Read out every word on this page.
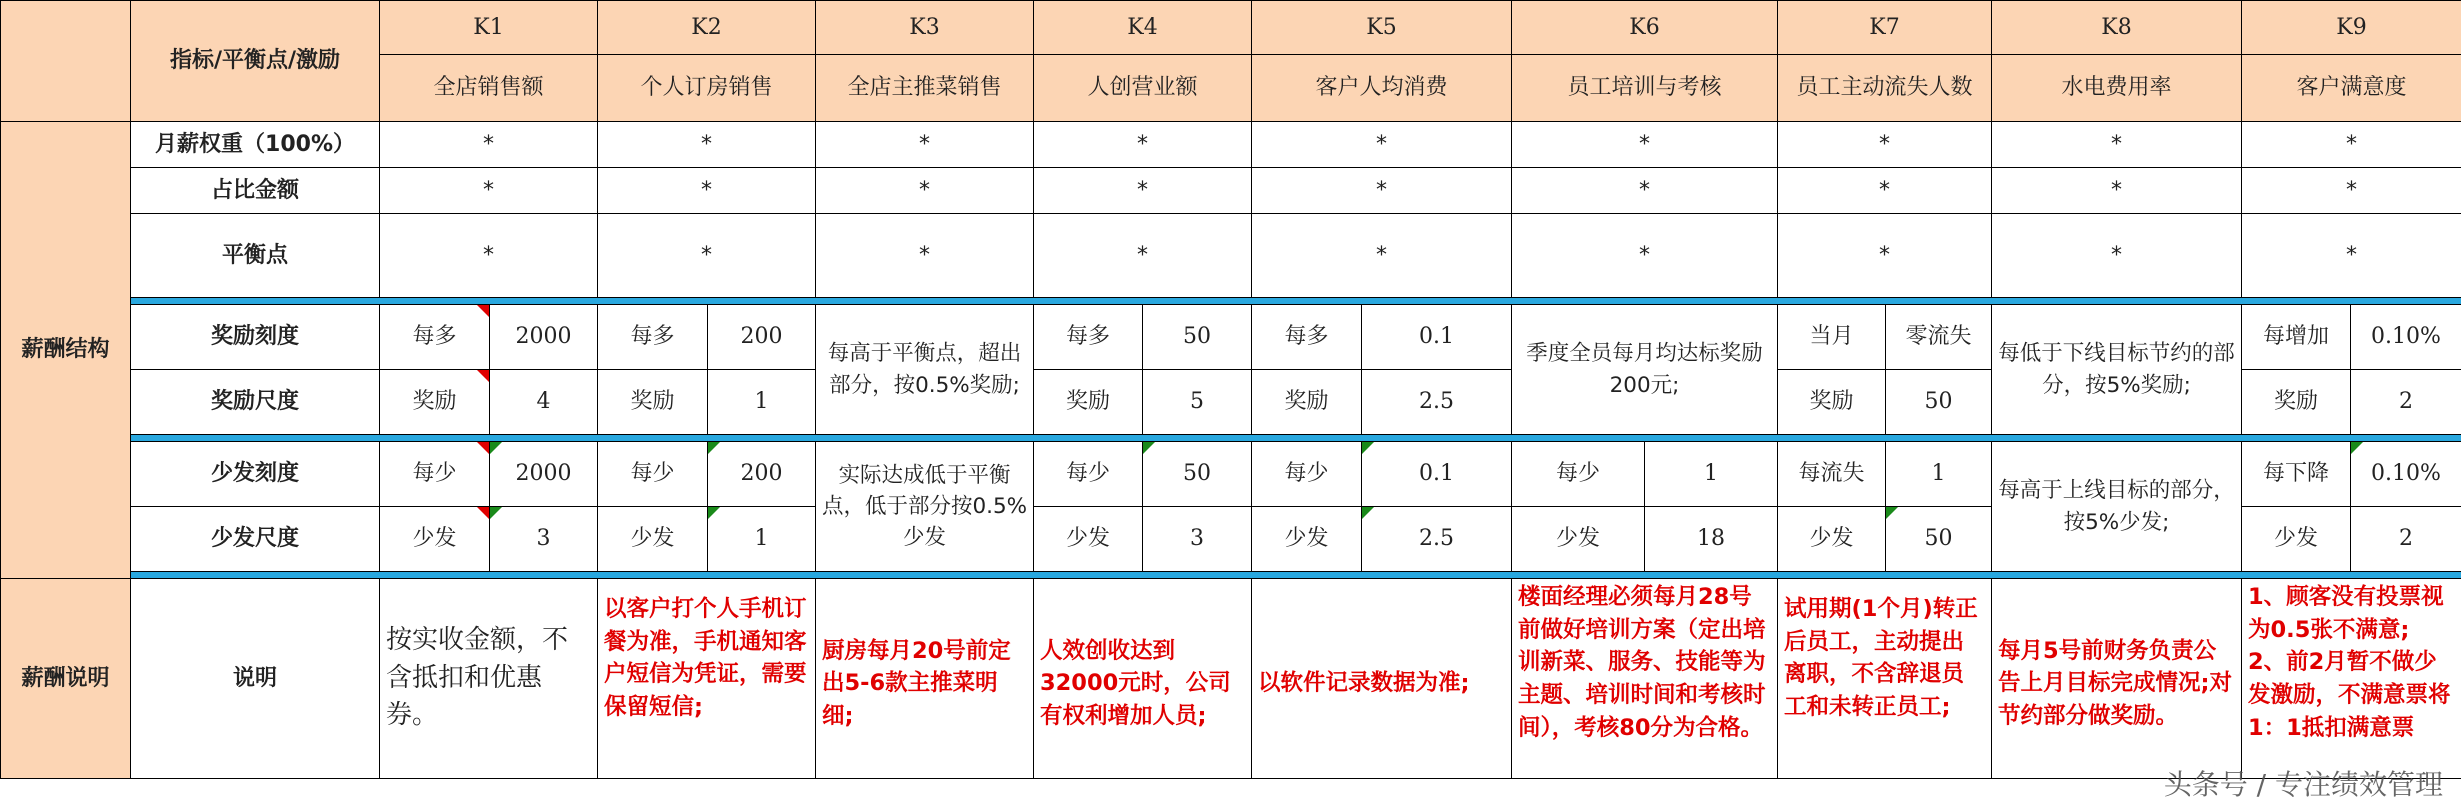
	指标/平衡点/激励	K1		K2		K3	K4		K5		K6		K7		K8	K9	
		全店销售额		个人订房销售		全店主推菜销售	人创营业额		客户人均消费		员工培训与考核		员工主动流失人数		水电费用率	客户满意度	
薪酬结构	月薪权重（100%）	*		*		*	*		*		*		*		*	*	
	占比金额	*		*		*	*		*		*		*		*	*	
	平衡点	*		*		*	*		*		*		*		*	*	

	奖励刻度	每多	2000	每多	200	每高于平衡点，超出部分，按0.5%奖励;	每多	50	每多	0.1	季度全员每月均达标奖励200元;		当月	零流失	每低于下线目标节约的部分，按5%奖励;	每增加	0.10%
	奖励尺度	奖励	4	奖励	1		奖励	5	奖励	2.5			奖励	50		奖励	2

	少发刻度	每少	2000	每少	200	实际达成低于平衡点，低于部分按0.5%少发	每少	50	每少	0.1	每少	1	每流失	1	每高于上线目标的部分，按5%少发;	每下降	0.10%
	少发尺度	少发	3	少发	1		少发	3	少发	2.5	少发	18	少发	50		少发	2

薪酬说明	说明	按实收金额，不含抵扣和优惠券。		以客户打个人手机订餐为准，手机通知客户短信为凭证，需要保留短信;		厨房每月20号前定出5-6款主推菜明细;	人效创收达到32000元时，公司有权利增加人员;		以软件记录数据为准;		楼面经理必须每月28号前做好培训方案（定出培训新菜、服务、技能等为主题、培训时间和考核时间），考核80分为合格。		试用期(1个月)转正后员工，主动提出离职，不含辞退员工和未转正员工;		每月5号前财务负责公告上月目标完成情况;对节约部分做奖励。	1、顾客没有投票视为0.5张不满意;
2、前2月暂不做少发激励，不满意票将1：1抵扣满意票	
头条号 / 专注绩效管理
